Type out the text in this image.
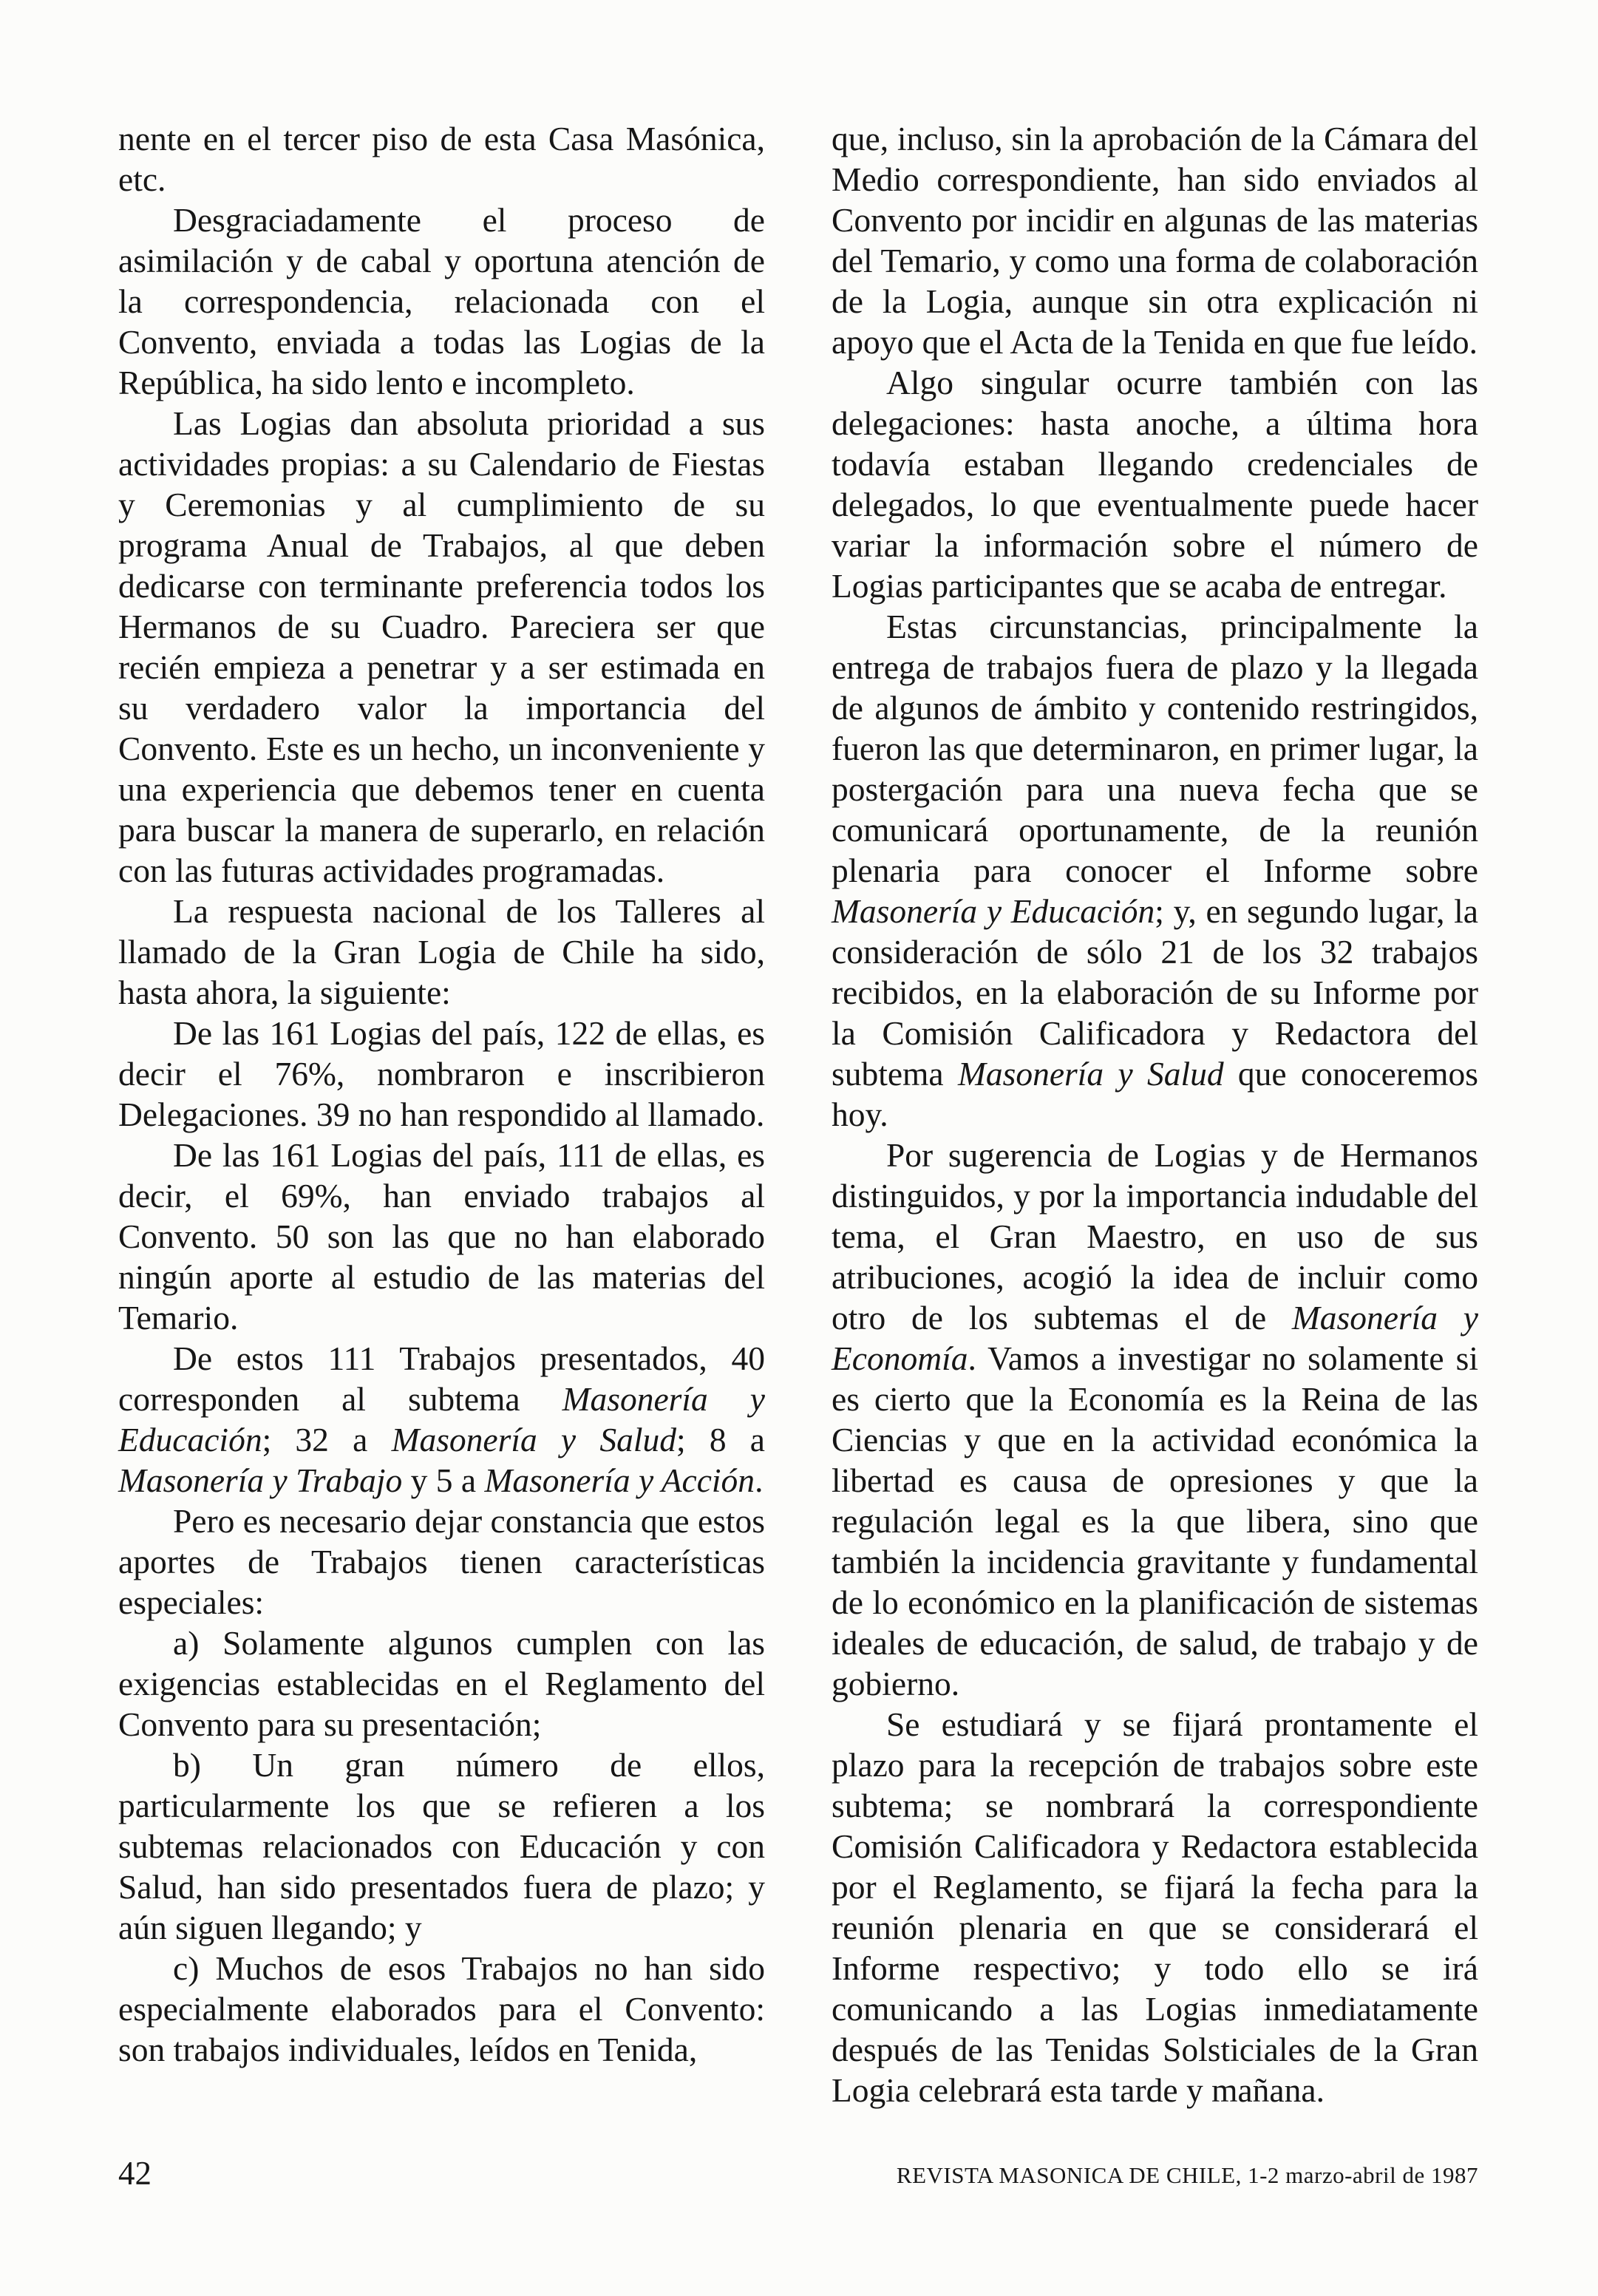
nente en el tercer piso de esta Casa Masónica, etc.

Desgraciadamente el proceso de asimilación y de cabal y oportuna atención de la correspondencia, relacionada con el Convento, enviada a todas las Logias de la República, ha sido lento e incompleto.

Las Logias dan absoluta prioridad a sus actividades propias: a su Calendario de Fiestas y Ceremonias y al cumplimiento de su programa Anual de Trabajos, al que deben dedicarse con terminante preferencia todos los Hermanos de su Cuadro. Pareciera ser que recién empieza a penetrar y a ser estimada en su verdadero valor la importancia del Convento. Este es un hecho, un inconveniente y una experiencia que debemos tener en cuenta para buscar la manera de superarlo, en relación con las futuras actividades programadas.

La respuesta nacional de los Talleres al llamado de la Gran Logia de Chile ha sido, hasta ahora, la siguiente:

De las 161 Logias del país, 122 de ellas, es decir el 76%, nombraron e inscribieron Delegaciones. 39 no han respondido al llamado.

De las 161 Logias del país, 111 de ellas, es decir, el 69%, han enviado trabajos al Convento. 50 son las que no han elaborado ningún aporte al estudio de las materias del Temario.

De estos 111 Trabajos presentados, 40 corresponden al subtema Masonería y Educación; 32 a Masonería y Salud; 8 a Masonería y Trabajo y 5 a Masonería y Acción.

Pero es necesario dejar constancia que estos aportes de Trabajos tienen características especiales:

a) Solamente algunos cumplen con las exigencias establecidas en el Reglamento del Convento para su presentación;

b) Un gran número de ellos, particularmente los que se refieren a los subtemas relacionados con Educación y con Salud, han sido presentados fuera de plazo; y aún siguen llegando; y

c) Muchos de esos Trabajos no han sido especialmente elaborados para el Convento: son trabajos individuales, leídos en Tenida,

que, incluso, sin la aprobación de la Cámara del Medio correspondiente, han sido enviados al Convento por incidir en algunas de las materias del Temario, y como una forma de colaboración de la Logia, aunque sin otra explicación ni apoyo que el Acta de la Tenida en que fue leído.

Algo singular ocurre también con las delegaciones: hasta anoche, a última hora todavía estaban llegando credenciales de delegados, lo que eventualmente puede hacer variar la información sobre el número de Logias participantes que se acaba de entregar.

Estas circunstancias, principalmente la entrega de trabajos fuera de plazo y la llegada de algunos de ámbito y contenido restringidos, fueron las que determinaron, en primer lugar, la postergación para una nueva fecha que se comunicará oportunamente, de la reunión plenaria para conocer el Informe sobre Masonería y Educación; y, en segundo lugar, la consideración de sólo 21 de los 32 trabajos recibidos, en la elaboración de su Informe por la Comisión Calificadora y Redactora del subtema Masonería y Salud que conoceremos hoy.

Por sugerencia de Logias y de Hermanos distinguidos, y por la importancia indudable del tema, el Gran Maestro, en uso de sus atribuciones, acogió la idea de incluir como otro de los subtemas el de Masonería y Economía. Vamos a investigar no solamente si es cierto que la Economía es la Reina de las Ciencias y que en la actividad económica la libertad es causa de opresiones y que la regulación legal es la que libera, sino que también la incidencia gravitante y fundamental de lo económico en la planificación de sistemas ideales de educación, de salud, de trabajo y de gobierno.

Se estudiará y se fijará prontamente el plazo para la recepción de trabajos sobre este subtema; se nombrará la correspondiente Comisión Calificadora y Redactora establecida por el Reglamento, se fijará la fecha para la reunión plenaria en que se considerará el Informe respectivo; y todo ello se irá comunicando a las Logias inmediatamente después de las Tenidas Solsticiales de la Gran Logia celebrará esta tarde y mañana.

42	REVISTA MASONICA DE CHILE, 1-2 marzo-abril de 1987
